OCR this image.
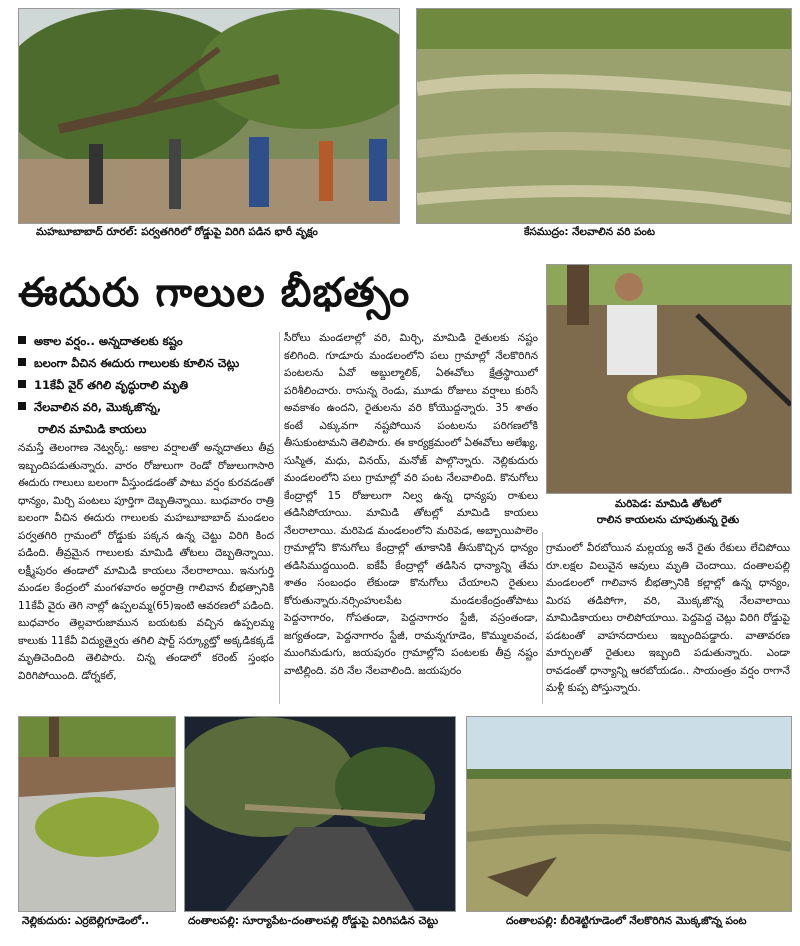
మహబూబాబాద్ రూరల్: పర్వతగిరిలో రోడ్డుపై విరిగి పడిన భారీ వృక్షం	కేసముద్రం: నేలవాలిన వరి పంట
ఈదురు గాలుల బీభత్సం
మరిపెడ: మామిడి తోటలో
రాలిన కాయలను చూపుతున్న రైతు
అకాల వర్షం.. అన్నదాతలకు కష్టం
బలంగా వీచిన ఈదురు గాలులకు కూలిన చెట్లు
11కేవీ వైర్ తగిలి వృద్ధురాలి మృతి
నేలవాలిన వరి, మొక్కజొన్న,
రాలిన మామిడి కాయలు
నమస్తే తెలంగాణ నెట్వర్క్: అకాల వర్షాలతో అన్నదాతలు తీవ్ర ఇబ్బందిపడుతున్నారు. వారం రోజులుగా రెండో రోజులుగాసారి ఈదురు గాలులు బలంగా వీస్తుండడంతో పాటు వర్షం కురవడంతో ధాన్యం, మిర్చి పంటలు పూర్తిగా దెబ్బతిన్నాయి. బుధవారం రాత్రి బలంగా వీచిన ఈదురు గాలులకు మహబూబాబాద్ మండలం పర్వతగిరి గ్రామంలో రోడ్డుకు పక్కన ఉన్న చెట్టు విరిగి కింద పడింది. తీవ్రమైన గాలులకు మామిడి తోటలు దెబ్బతిన్నాయి. లక్ష్మీపురం తండాలో మామిడి కాయలు నేలరాలాయి. ఇనుగుర్తి మండల కేంద్రంలో మంగళవారం అర్ధరాత్రి గాలివాన బీభత్సానికి 11కేవీ వైరు తెగి నాల్లో ఉప్పలమ్మ(65)ఇంటి ఆవరణలో పడింది. బుధవారం తెల్లవారుజామున బయటకు వచ్చిన ఉప్పలమ్మ కాలుకు 11కేవీ విద్యుత్వైరు తగిలి షార్ట్ సర్క్యూట్తో అక్కడికక్కడే మృతిచెందింది తెలిపారు. చిన్న తండాలో కరెంట్ స్తంభం విరిగిపోయింది. డోర్నకల్,
సీరోలు మండలాల్లో వరి, మిర్చి, మామిడి రైతులకు నష్టం కలిగింది. గూడూరు మండలంలోని పలు గ్రామాల్లో నేలకొరిగిన పంటలను ఏవో అబ్దుల్మాలిక్, ఏఈవోలు క్షేత్రస్థాయిలో పరిశీలించారు. రాసున్న రెండు, మూడు రోజులు వర్షాలు కురిసే అవకాశం ఉందని, రైతులను వరి కోయొద్దన్నారు. 35 శాతం కంటే ఎక్కువగా నష్టపోయిన పంటలను పరిగణలోకి తీసుకుంటామని తెలిపారు. ఈ కార్యక్రమంలో ఏఈవోలు అలేఖ్య, సుస్మిత, మధు, వినయ్, మనోజ్ పాల్గొన్నారు. నెల్లికుదురు మండలంలోని పలు గ్రామాల్లో వరి పంట నేలవాలింది. కొనుగోలు కేంద్రాల్లో 15 రోజులుగా నిల్వ ఉన్న ధాన్యపు రాశులు తడిసిపోయాయి. మామిడి తోటల్లో మామిడి కాయలు నేలరాలాయి. మరిపెడ మండలంలోని మరిపెడ, అబ్బాయిపాలెం గ్రామాల్లోని కొనుగోలు కేంద్రాల్లో తూకానికి తీసుకొచ్చిన ధాన్యం తడిసిముద్దయింది. ఐకేపీ కేంద్రాల్లో తడిసిన ధాన్యాన్ని తేమ శాతం సంబంధం లేకుండా కొనుగోలు చేయాలని రైతులు కోరుతున్నారు.నర్సింహులపేట మండలకేంద్రంతోపాటు పెద్దనాగారం, గోపతండా, పెద్దనాగారం స్టేజీ, వస్రంతండా, జగ్యతండా, పెద్దనాగారం స్టేజీ, రామన్నగూడెం, కొమ్ములవంచ, ముంగిమడుగు, జయపురం గ్రామాల్లోని పంటలకు తీవ్ర నష్టం వాటిల్లింది. వరి నేల నేలవాలింది. జయపురం
గ్రామంలో వీరబోయిన మల్లయ్య అనే రైతు రేకులు లేచిపోయి రూ.లక్షల విలువైన ఆవులు మృతి చెందాయి. దంతాలపల్లి మండలంలో గాలివాన బీభత్సానికి కల్లాల్లో ఉన్న ధాన్యం, మిరప తడిపోగా, వరి, మొక్కజొన్న నేలవాలాయి మామిడికాయలు రాలిపోయాయి. పెద్దపెద్ద చెట్లు విరిగి రోడ్డుపై పడటంతో వాహనదారులు ఇబ్బందిపడ్డారు. వాతావరణ మార్పులతో రైతులు ఇబ్బంది పడుతున్నారు. ఎండా రావడంతో ధాన్యాన్ని ఆరబోయడం.. సాయంత్రం వర్షం రాగానే మళ్లీ కుప్ప పోస్తున్నారు.
నెల్లికుదురు: ఎర్రబెల్లిగూడెంలో..	దంతాలపల్లి: సూర్యాపేట-దంతాలపల్లి రోడ్డుపై విరిగిపడిన చెట్టు	దంతాలపల్లి: బీరిశెట్టిగూడెంలో నేలకొరిగిన మొక్కజొన్న పంట
